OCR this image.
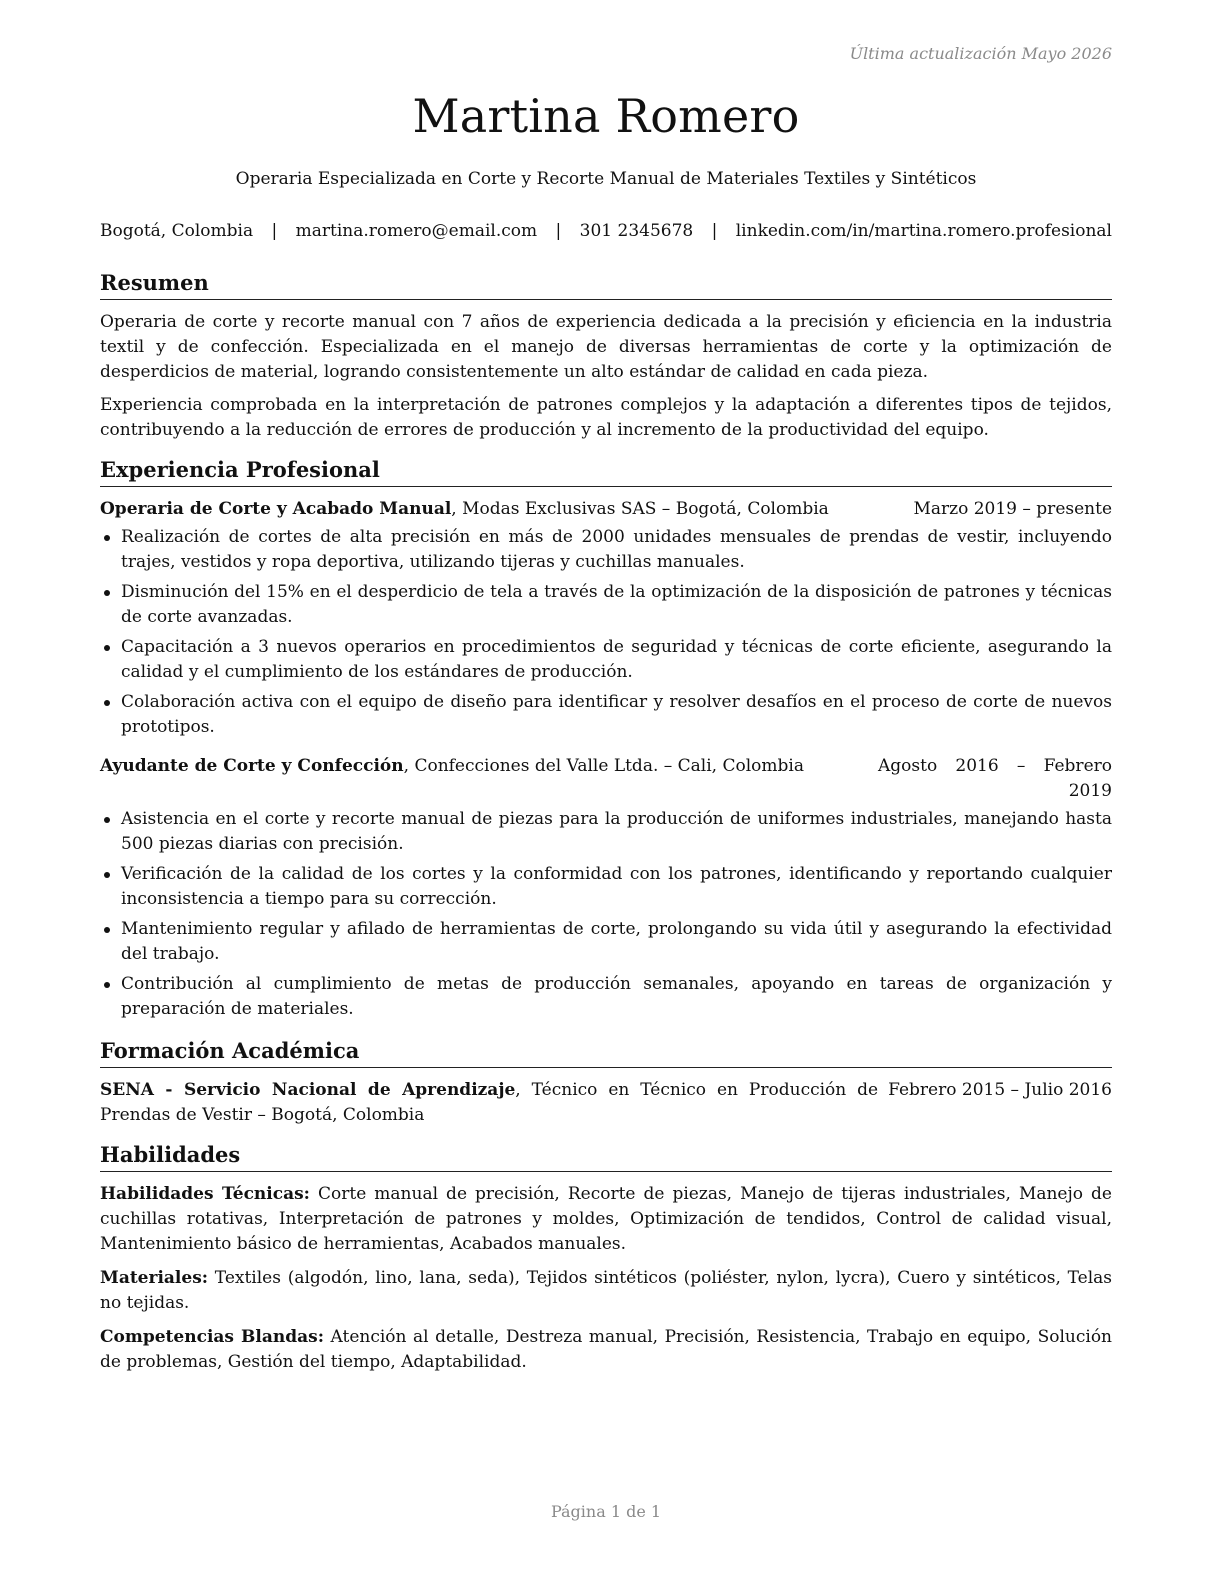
Última actualización Mayo 2026
Martina Romero
Operaria Especializada en Corte y Recorte Manual de Materiales Textiles y Sintéticos
Bogotá, Colombia | martina.romero@email.com | 301 2345678 | linkedin.com/in/martina.romero.profesional
Resumen

Operaria de corte y recorte manual con 7 años de experiencia dedicada a la precisión y eficiencia en la industria textil y de confección. Especializada en el manejo de diversas herramientas de corte y la optimización de desperdicios de material, logrando consistentemente un alto estándar de calidad en cada pieza.

Experiencia comprobada en la interpretación de patrones complejos y la adaptación a diferentes tipos de tejidos, contribuyendo a la reducción de errores de producción y al incremento de la productividad del equipo.

Experiencia Profesional
Operaria de Corte y Acabado Manual, Modas Exclusivas SAS – Bogotá, Colombia	Marzo 2019 – presente
Realización de cortes de alta precisión en más de 2000 unidades mensuales de prendas de vestir, incluyendo trajes, vestidos y ropa deportiva, utilizando tijeras y cuchillas manuales.
Disminución del 15% en el desperdicio de tela a través de la optimización de la disposición de patrones y técnicas de corte avanzadas.
Capacitación a 3 nuevos operarios en procedimientos de seguridad y técnicas de corte eficiente, asegurando la calidad y el cumplimiento de los estándares de producción.
Colaboración activa con el equipo de diseño para identificar y resolver desafíos en el proceso de corte de nuevos prototipos.
Ayudante de Corte y Confección, Confecciones del Valle Ltda. – Cali, Colombia	Agosto 2016 – Febrero 2019
Asistencia en el corte y recorte manual de piezas para la producción de uniformes industriales, manejando hasta 500 piezas diarias con precisión.
Verificación de la calidad de los cortes y la conformidad con los patrones, identificando y reportando cualquier inconsistencia a tiempo para su corrección.
Mantenimiento regular y afilado de herramientas de corte, prolongando su vida útil y asegurando la efectividad del trabajo.
Contribución al cumplimiento de metas de producción semanales, apoyando en tareas de organización y preparación de materiales.
Formación Académica
Febrero 2015 – Julio 2016
SENA - Servicio Nacional de Aprendizaje, Técnico en Técnico en Producción de Prendas de Vestir – Bogotá, Colombia
Habilidades

Habilidades Técnicas: Corte manual de precisión, Recorte de piezas, Manejo de tijeras industriales, Manejo de cuchillas rotativas, Interpretación de patrones y moldes, Optimización de tendidos, Control de calidad visual, Mantenimiento básico de herramientas, Acabados manuales.

Materiales: Textiles (algodón, lino, lana, seda), Tejidos sintéticos (poliéster, nylon, lycra), Cuero y sintéticos, Telas no tejidas.

Competencias Blandas: Atención al detalle, Destreza manual, Precisión, Resistencia, Trabajo en equipo, Solución de problemas, Gestión del tiempo, Adaptabilidad.

Página 1 de 1
